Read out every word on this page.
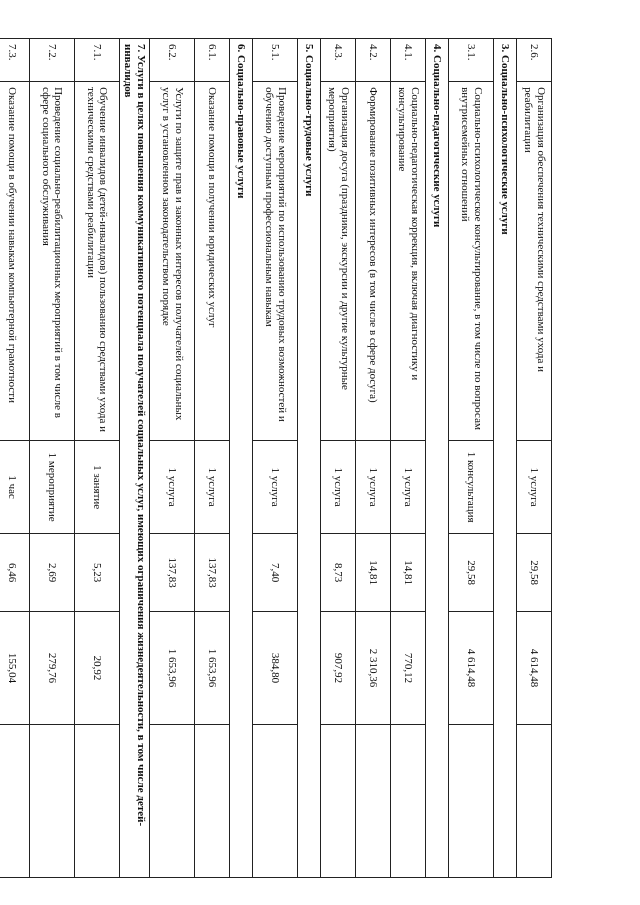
2.6.	Организация обеспечения техническими средствами ухода и реабилитации	1 услуга	29,58	4 614,48	
3. Социально-психологические услуги					
3.1.	Социально-психологическое консультирование, в том числе по вопросам внутрисемейных отношений	1 консультация	29,58	4 614,48	
4. Социально-педагогические услуги					
4.1.	Социально-педагогическая коррекция, включая диагностику и консультирование	1 услуга	14,81	770,12	
4.2.	Формирование позитивных интересов (в том числе в сфере досуга)	1 услуга	14,81	2 310,36	
4.3.	Организация досуга (праздники, экскурсии и другие культурные мероприятия)	1 услуга	8,73	907,92	
5. Социально-трудовые услуги					
5.1.	Проведение мероприятий по использованию трудовых возможностей и обучению доступным профессиональным навыкам	1 услуга	7,40	384,80	
6. Социально-правовые услуги					
6.1.	Оказание помощи в получении юридических услуг	1 услуга	137,83	1 653,96	
6.2.	Услуги по защите прав и законных интересов получателей социальных услуг в установленном законодательством порядке	1 услуга	137,83	1 653,96	
7. Услуги в целях повышения коммуникативного потенциала получателей социальных услуг, имеющих ограничения жизнедеятельности, в том числе детей-инвалидов					
7.1.	Обучение инвалидов (детей-инвалидов) пользованию средствами ухода и техническими средствами реабилитации	1 занятие	5,23	20,92	
7.2.	Проведение социально-реабилитационных мероприятий в том числе в сфере социального обслуживания	1 мероприятие	2,69	279,76	
7.3.	Оказание помощи в обучении навыкам компьютерной грамотности	1 час	6,46	155,04	
